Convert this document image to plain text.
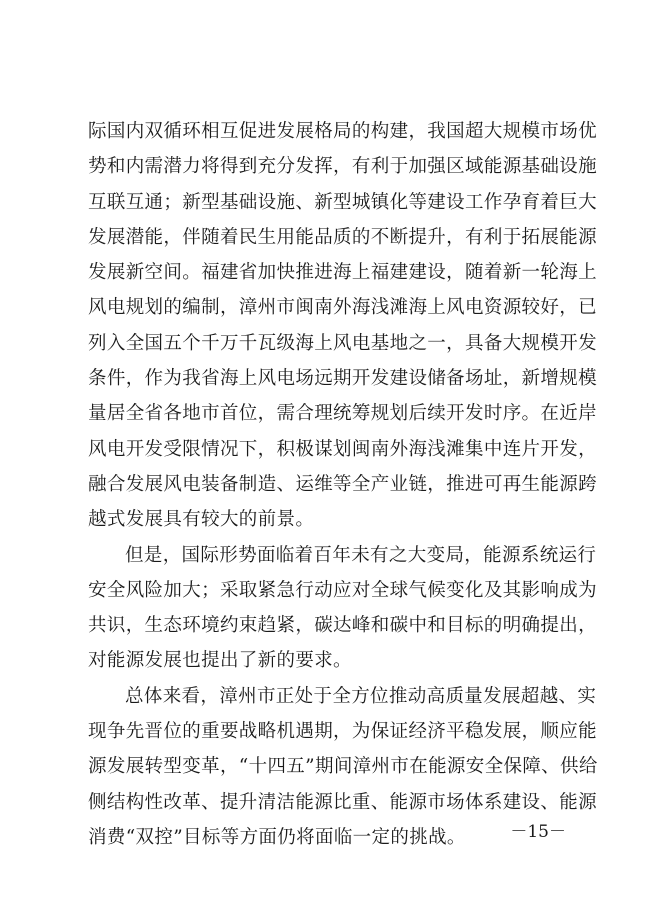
际国内双循环相互促进发展格局的构建，我国超大规模市场优
势和内需潜力将得到充分发挥，有利于加强区域能源基础设施
互联互通；新型基础设施、新型城镇化等建设工作孕育着巨大
发展潜能，伴随着民生用能品质的不断提升，有利于拓展能源
发展新空间。福建省加快推进海上福建建设，随着新一轮海上
风电规划的编制，漳州市闽南外海浅滩海上风电资源较好，已
列入全国五个千万千瓦级海上风电基地之一，具备大规模开发
条件，作为我省海上风电场远期开发建设储备场址，新增规模
量居全省各地市首位，需合理统筹规划后续开发时序。在近岸
风电开发受限情况下，积极谋划闽南外海浅滩集中连片开发，
融合发展风电装备制造、运维等全产业链，推进可再生能源跨
越式发展具有较大的前景。
但是，国际形势面临着百年未有之大变局，能源系统运行
安全风险加大；采取紧急行动应对全球气候变化及其影响成为
共识，生态环境约束趋紧，碳达峰和碳中和目标的明确提出，
对能源发展也提出了新的要求。
总体来看，漳州市正处于全方位推动高质量发展超越、实
现争先晋位的重要战略机遇期，为保证经济平稳发展，顺应能
源发展转型变革，“十四五”期间漳州市在能源安全保障、供给
侧结构性改革、提升清洁能源比重、能源市场体系建设、能源
消费“双控”目标等方面仍将面临一定的挑战。	－15－
